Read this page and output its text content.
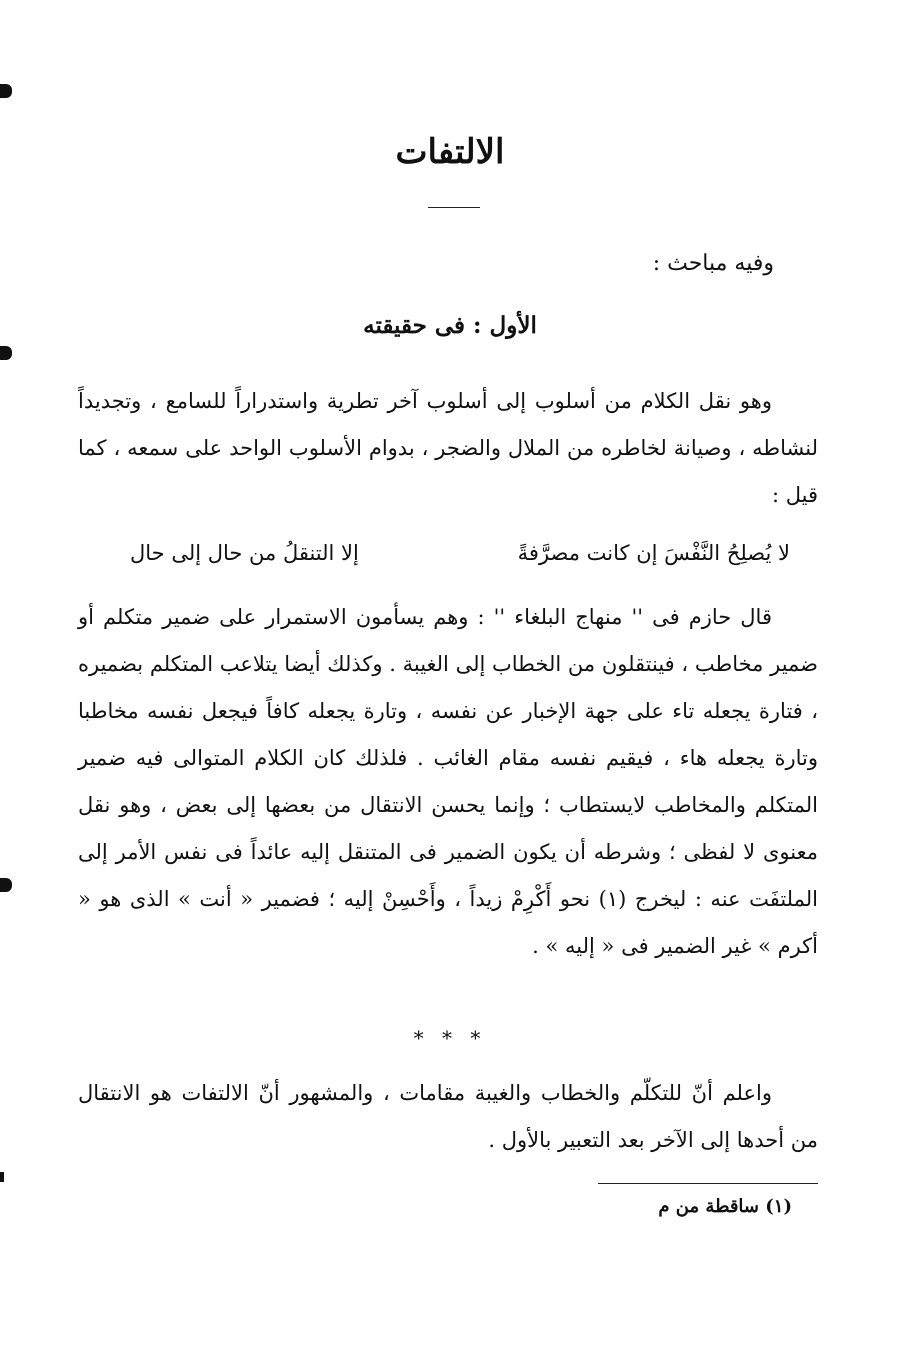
الالتفات
وفيه مباحث :
الأول : فى حقيقته

وهو نقل الكلام من أسلوب إلى أسلوب آخر تطرية واستدراراً للسامع ، وتجديداً لنشاطه ، وصيانة لخاطره من الملال والضجر ، بدوام الأسلوب الواحد على سمعه ، كما قيل :

لا يُصلِحُ النَّفْسَ إن كانت مصرَّفةً
إلا التنقلُ من حال إلى حال

قال حازم فى '' منهاج البلغاء '' : وهم يسأمون الاستمرار على ضمير متكلم أو ضمير مخاطب ، فينتقلون من الخطاب إلى الغيبة . وكذلك أيضا يتلاعب المتكلم بضميره ، فتارة يجعله تاء على جهة الإخبار عن نفسه ، وتارة يجعله كافاً فيجعل نفسه مخاطبا وتارة يجعله هاء ، فيقيم نفسه مقام الغائب . فلذلك كان الكلام المتوالى فيه ضمير المتكلم والمخاطب لايستطاب ؛ وإنما يحسن الانتقال من بعضها إلى بعض ، وهو نقل معنوى لا لفظى ؛ وشرطه أن يكون الضمير فى المتنقل إليه عائداً فى نفس الأمر إلى الملتفَت عنه : ليخرج (١) نحو أَكْرِمْ زيداً ، وأَحْسِنْ إليه ؛ فضمير « أنت » الذى هو « أكرم » غير الضمير فى « إليه » .

* * *

واعلم أنّ للتكلّم والخطاب والغيبة مقامات ، والمشهور أنّ الالتفات هو الانتقال من أحدها إلى الآخر بعد التعبير بالأول .

(١) ساقطة من م
